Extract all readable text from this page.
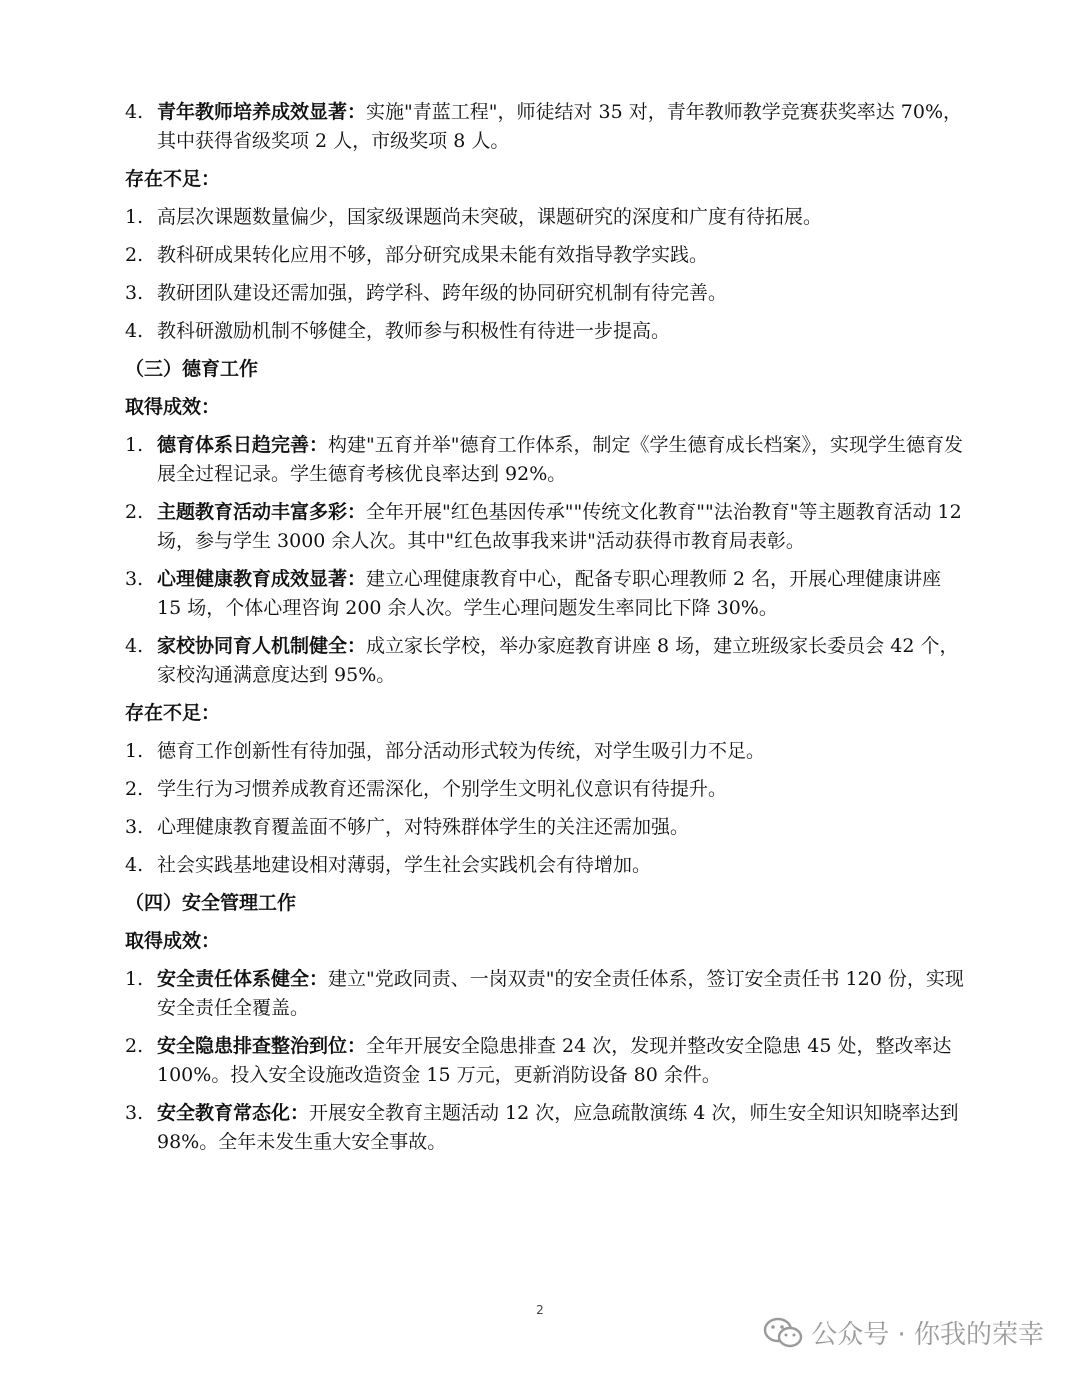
4. 青年教师培养成效显著：实施"青蓝工程"，师徒结对 35 对，青年教师教学竞赛获奖率达 70%，其中获得省级奖项 2 人，市级奖项 8 人。
存在不足：
1. 高层次课题数量偏少，国家级课题尚未突破，课题研究的深度和广度有待拓展。
2. 教科研成果转化应用不够，部分研究成果未能有效指导教学实践。
3. 教研团队建设还需加强，跨学科、跨年级的协同研究机制有待完善。
4. 教科研激励机制不够健全，教师参与积极性有待进一步提高。
（三）德育工作
取得成效：
1. 德育体系日趋完善：构建"五育并举"德育工作体系，制定《学生德育成长档案》，实现学生德育发展全过程记录。学生德育考核优良率达到 92%。
2. 主题教育活动丰富多彩：全年开展"红色基因传承""传统文化教育""法治教育"等主题教育活动 12 场，参与学生 3000 余人次。其中"红色故事我来讲"活动获得市教育局表彰。
3. 心理健康教育成效显著：建立心理健康教育中心，配备专职心理教师 2 名，开展心理健康讲座 15 场，个体心理咨询 200 余人次。学生心理问题发生率同比下降 30%。
4. 家校协同育人机制健全：成立家长学校，举办家庭教育讲座 8 场，建立班级家长委员会 42 个，家校沟通满意度达到 95%。
存在不足：
1. 德育工作创新性有待加强，部分活动形式较为传统，对学生吸引力不足。
2. 学生行为习惯养成教育还需深化，个别学生文明礼仪意识有待提升。
3. 心理健康教育覆盖面不够广，对特殊群体学生的关注还需加强。
4. 社会实践基地建设相对薄弱，学生社会实践机会有待增加。
（四）安全管理工作
取得成效：
1. 安全责任体系健全：建立"党政同责、一岗双责"的安全责任体系，签订安全责任书 120 份，实现安全责任全覆盖。
2. 安全隐患排查整治到位：全年开展安全隐患排查 24 次，发现并整改安全隐患 45 处，整改率达 100%。投入安全设施改造资金 15 万元，更新消防设备 80 余件。
3. 安全教育常态化：开展安全教育主题活动 12 次，应急疏散演练 4 次，师生安全知识知晓率达到 98%。全年未发生重大安全事故。
2
公众号 · 你我的荣幸
